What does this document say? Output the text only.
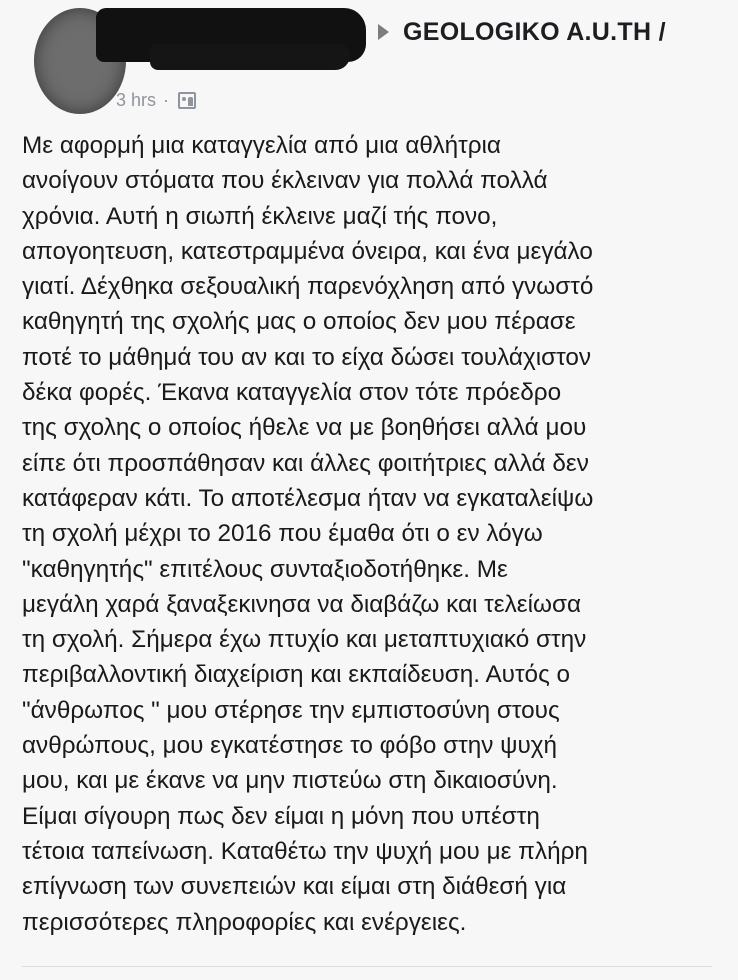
GEOLOGIKO A.U.TH /
3 hrs ·
Με αφορμή μια καταγγελία από μια αθλήτρια
ανοίγουν στόματα που έκλειναν για πολλά πολλά
χρόνια. Αυτή η σιωπή έκλεινε μαζί τής πονο,
απογοητευση, κατεστραμμένα όνειρα, και ένα μεγάλο
γιατί. Δέχθηκα σεξουαλική παρενόχληση από γνωστό
καθηγητή της σχολής μας ο οποίος δεν μου πέρασε
ποτέ το μάθημά του αν και το είχα δώσει τουλάχιστον
δέκα φορές. Έκανα καταγγελία στον τότε πρόεδρο
της σχολης ο οποίος ήθελε να με βοηθήσει αλλά μου
είπε ότι προσπάθησαν και άλλες φοιτήτριες αλλά δεν
κατάφεραν κάτι. Το αποτέλεσμα ήταν να εγκαταλείψω
τη σχολή μέχρι το 2016 που έμαθα ότι ο εν λόγω
"καθηγητής" επιτέλους συνταξιοδοτήθηκε. Με
μεγάλη χαρά ξαναξεκινησα να διαβάζω και τελείωσα
τη σχολή. Σήμερα έχω πτυχίο και μεταπτυχιακό στην
περιβαλλοντική διαχείριση και εκπαίδευση. Αυτός ο
"άνθρωπος " μου στέρησε την εμπιστοσύνη στους
ανθρώπους, μου εγκατέστησε το φόβο στην ψυχή
μου, και με έκανε να μην πιστεύω στη δικαιοσύνη.
Είμαι σίγουρη πως δεν είμαι η μόνη που υπέστη
τέτοια ταπείνωση. Καταθέτω την ψυχή μου με πλήρη
επίγνωση των συνεπειών και είμαι στη διάθεσή για
περισσότερες πληροφορίες και ενέργειες.
